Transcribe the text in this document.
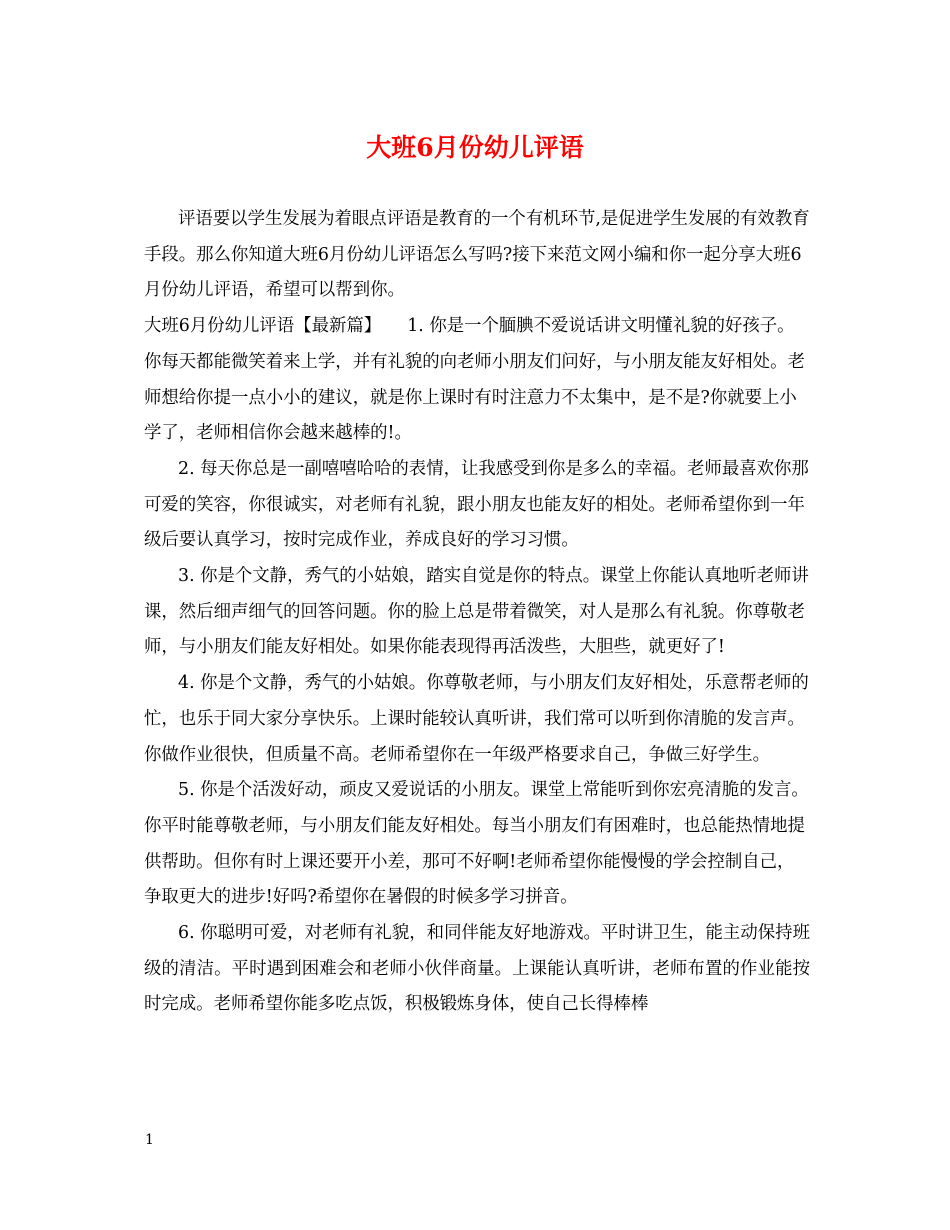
大班6月份幼儿评语

评语要以学生发展为着眼点评语是教育的一个有机环节,是促进学生发展的有效教育手段。那么你知道大班6月份幼儿评语怎么写吗?接下来范文网小编和你一起分享大班6月份幼儿评语，希望可以帮到你。

大班6月份幼儿评语【最新篇】　　1. 你是一个腼腆不爱说话讲文明懂礼貌的好孩子。你每天都能微笑着来上学，并有礼貌的向老师小朋友们问好，与小朋友能友好相处。老师想给你提一点小小的建议，就是你上课时有时注意力不太集中，是不是?你就要上小学了，老师相信你会越来越棒的!。

2. 每天你总是一副嘻嘻哈哈的表情，让我感受到你是多么的幸福。老师最喜欢你那可爱的笑容，你很诚实，对老师有礼貌，跟小朋友也能友好的相处。老师希望你到一年级后要认真学习，按时完成作业，养成良好的学习习惯。

3. 你是个文静，秀气的小姑娘，踏实自觉是你的特点。课堂上你能认真地听老师讲课，然后细声细气的回答问题。你的脸上总是带着微笑，对人是那么有礼貌。你尊敬老师，与小朋友们能友好相处。如果你能表现得再活泼些，大胆些，就更好了!

4. 你是个文静，秀气的小姑娘。你尊敬老师，与小朋友们友好相处，乐意帮老师的忙，也乐于同大家分享快乐。上课时能较认真听讲，我们常可以听到你清脆的发言声。你做作业很快，但质量不高。老师希望你在一年级严格要求自己，争做三好学生。

5. 你是个活泼好动，顽皮又爱说话的小朋友。课堂上常能听到你宏亮清脆的发言。你平时能尊敬老师，与小朋友们能友好相处。每当小朋友们有困难时，也总能热情地提供帮助。但你有时上课还要开小差，那可不好啊!老师希望你能慢慢的学会控制自己，争取更大的进步!好吗?希望你在暑假的时候多学习拼音。

6. 你聪明可爱，对老师有礼貌，和同伴能友好地游戏。平时讲卫生，能主动保持班级的清洁。平时遇到困难会和老师小伙伴商量。上课能认真听讲，老师布置的作业能按时完成。老师希望你能多吃点饭，积极锻炼身体，使自己长得棒棒

1
